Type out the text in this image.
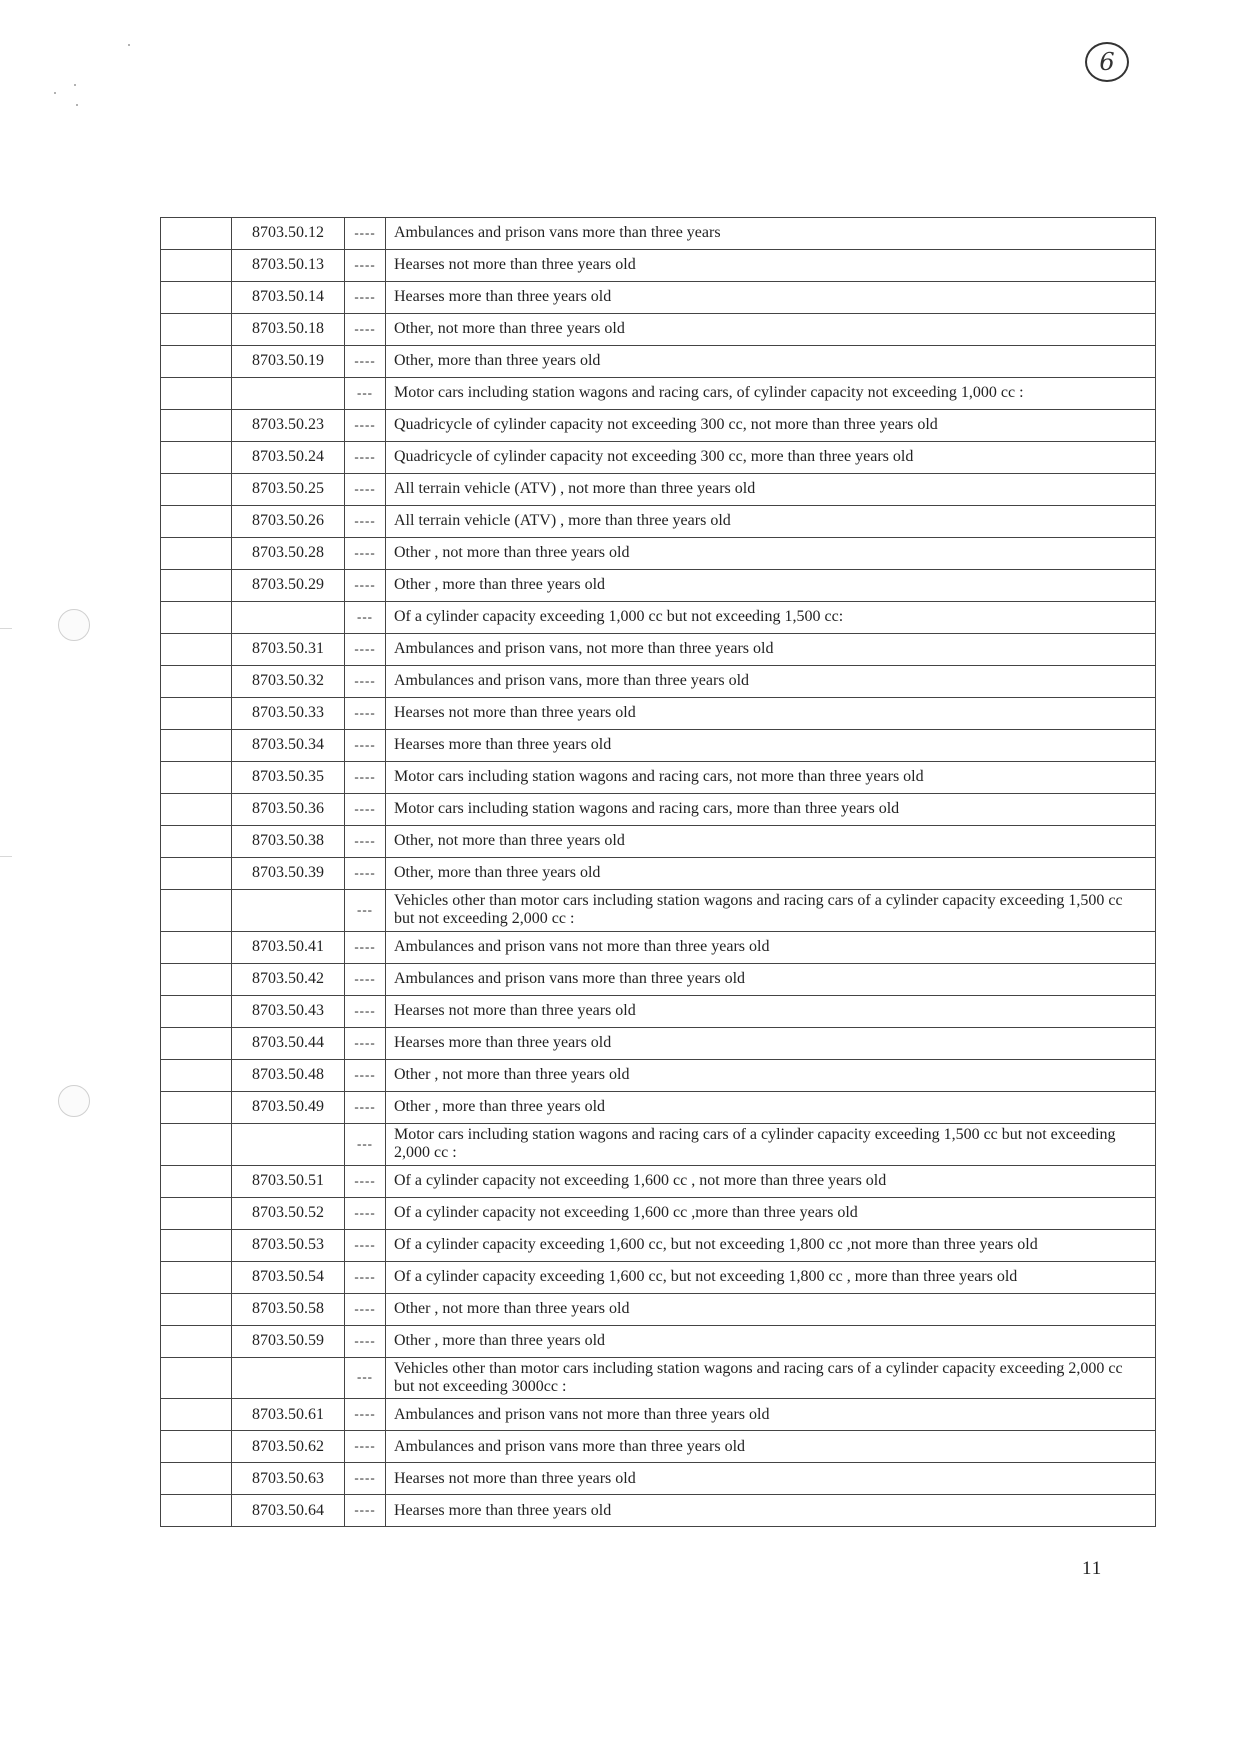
6
	8703.50.12	----	Ambulances and prison vans more than three years
	8703.50.13	----	Hearses not more than three years old
	8703.50.14	----	Hearses more than three years old
	8703.50.18	----	Other, not more than three years old
	8703.50.19	----	Other, more than three years old
		---	Motor cars including station wagons and racing cars, of cylinder capacity not exceeding 1,000 cc :
	8703.50.23	----	Quadricycle of cylinder capacity not exceeding 300 cc, not more than three years old
	8703.50.24	----	Quadricycle of cylinder capacity not exceeding 300 cc, more than three years old
	8703.50.25	----	All terrain vehicle (ATV) , not more than three years old
	8703.50.26	----	All terrain vehicle (ATV) , more than three years old
	8703.50.28	----	Other , not more than three years old
	8703.50.29	----	Other , more than three years old
		---	Of a cylinder capacity exceeding 1,000 cc but not exceeding 1,500 cc:
	8703.50.31	----	Ambulances and prison vans, not more than three years old
	8703.50.32	----	Ambulances and prison vans, more than three years old
	8703.50.33	----	Hearses not more than three years old
	8703.50.34	----	Hearses more than three years old
	8703.50.35	----	Motor cars including station wagons and racing cars, not more than three years old
	8703.50.36	----	Motor cars including station wagons and racing cars, more than three years old
	8703.50.38	----	Other, not more than three years old
	8703.50.39	----	Other, more than three years old
		---	Vehicles other than motor cars including station wagons and racing cars of a cylinder capacity exceeding 1,500 cc but not exceeding 2,000 cc :
	8703.50.41	----	Ambulances and prison vans not more than three years old
	8703.50.42	----	Ambulances and prison vans more than three years old
	8703.50.43	----	Hearses not more than three years old
	8703.50.44	----	Hearses more than three years old
	8703.50.48	----	Other , not more than three years old
	8703.50.49	----	Other , more than three years old
		---	Motor cars including station wagons and racing cars of a cylinder capacity exceeding 1,500 cc but not exceeding 2,000 cc :
	8703.50.51	----	Of a cylinder capacity not exceeding 1,600 cc , not more than three years old
	8703.50.52	----	Of a cylinder capacity not exceeding 1,600 cc ,more than three years old
	8703.50.53	----	Of a cylinder capacity exceeding 1,600 cc, but not exceeding 1,800 cc ,not more than three years old
	8703.50.54	----	Of a cylinder capacity exceeding 1,600 cc, but not exceeding 1,800 cc , more than three years old
	8703.50.58	----	Other , not more than three years old
	8703.50.59	----	Other , more than three years old
		---	Vehicles other than motor cars including station wagons and racing cars of a cylinder capacity exceeding 2,000 cc but not exceeding 3000cc :
	8703.50.61	----	Ambulances and prison vans not more than three years old
	8703.50.62	----	Ambulances and prison vans more than three years old
	8703.50.63	----	Hearses not more than three years old
	8703.50.64	----	Hearses more than three years old
11
